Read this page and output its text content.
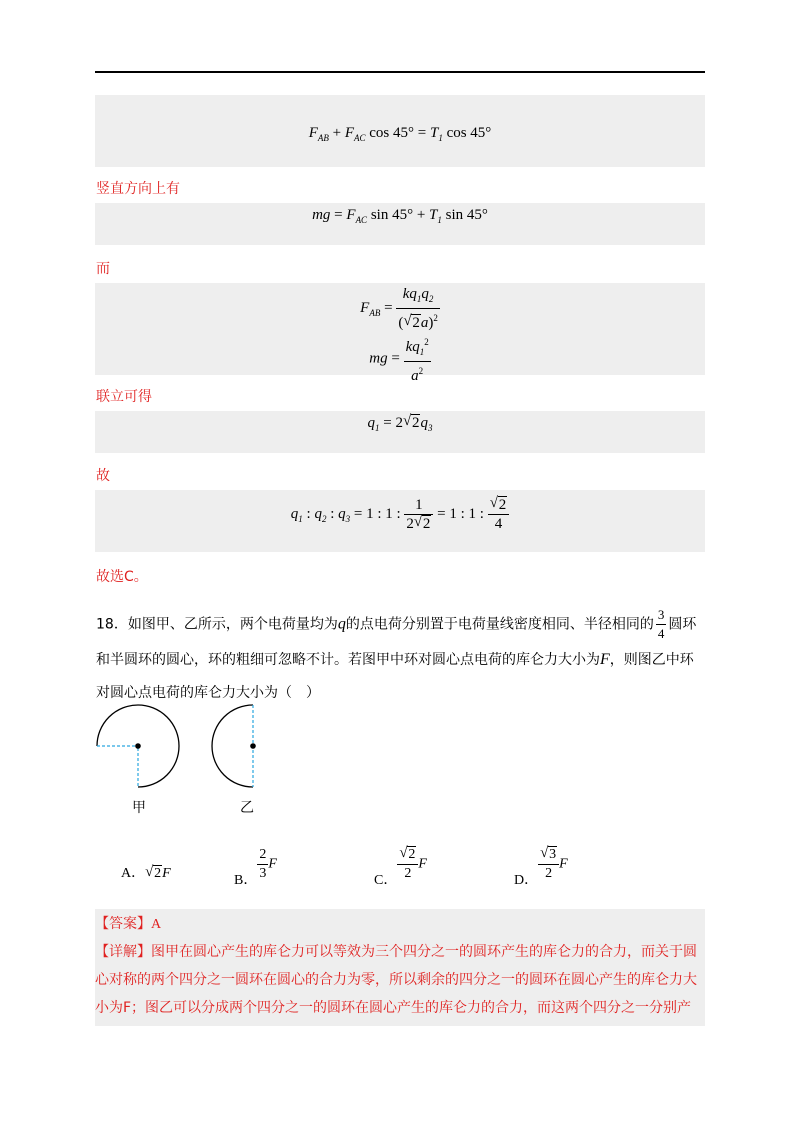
$F_{AB} + F_{AC}$ $\cos 45^\circ = T_1$ cos 45°
竖直方向上有
mg = $F_{AC}$ $\sin 45^\circ + T_1$ sin 45°
而
$F_{AB} = \frac{kq_1q_2}{( √ 2a)^2}$
mg = $\frac{kq_1^2}{a^2}$
联立可得
$q_1 = 2$ √ $2q_3$
故
$q_1$ : $q_2$ : $q_3 = 1$ : 1 : $\frac{1}{2 √ 2} = 1$ : 1 : $\frac{√ 2}{4}$
故选C。
18．如图甲、乙所示，两个电荷量均为q的点电荷分别置于电荷量线密度相同、半径相同的 $\frac{3}{4}$ 圆环
和半圆环的圆心，环的粗细可忽略不计。若图甲中环对圆心点电荷的库仑力大小为F，则图乙中环
对圆心点电荷的库仑力大小为（　）
甲	乙
A． √ 2F	B． $\frac{2}{3}$ F
C． $\frac{√ 2}{2}$ F
D． $\frac{√ 3}{2}$ F
【答案】A
【详解】图甲在圆心产生的库仑力可以等效为三个四分之一的圆环产生的库仑力的合力，而关于圆
心对称的两个四分之一圆环在圆心的合力为零，所以剩余的四分之一的圆环在圆心产生的库仑力大
小为F；图乙可以分成两个四分之一的圆环在圆心产生的库仑力的合力，而这两个四分之一分别产
